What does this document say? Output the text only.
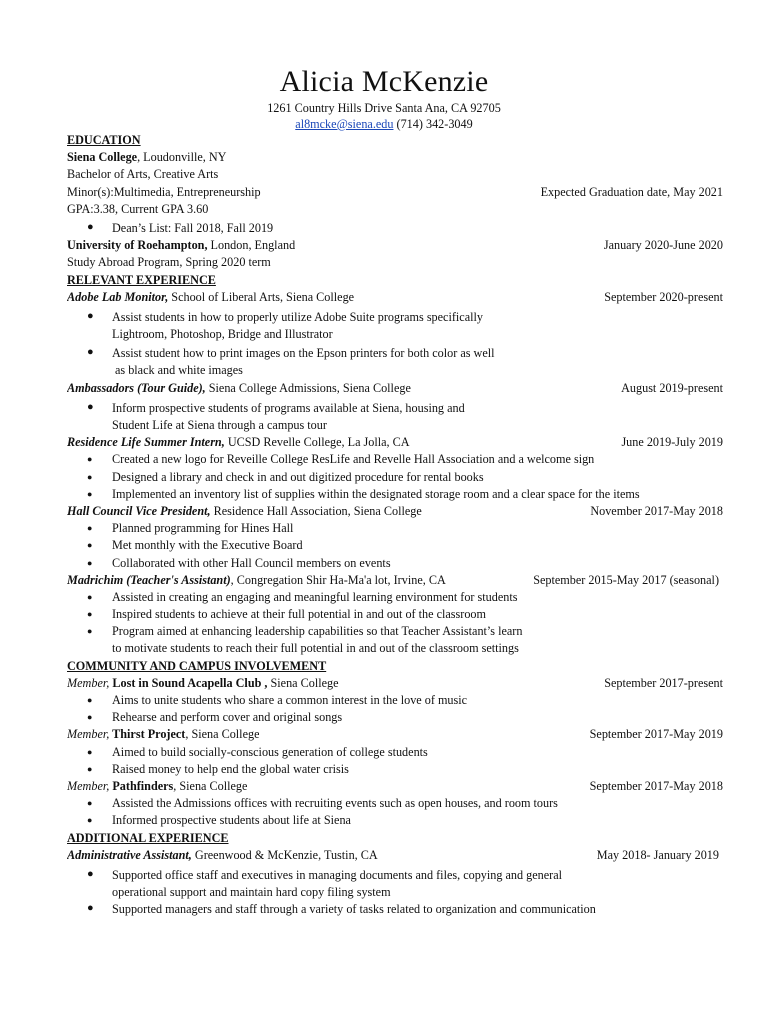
Alicia McKenzie
1261 Country Hills Drive Santa Ana, CA 92705
al8mcke@siena.edu (714) 342-3049
EDUCATION
Siena College, Loudonville, NY
Bachelor of Arts, Creative Arts
Minor(s):Multimedia, Entrepreneurship	Expected Graduation date, May 2021
GPA:3.38, Current GPA 3.60
● Dean’s List: Fall 2018, Fall 2019
University of Roehampton, London, England	January 2020-June 2020
Study Abroad Program, Spring 2020 term
RELEVANT EXPERIENCE
Adobe Lab Monitor, School of Liberal Arts, Siena College	September 2020-present
● Assist students in how to properly utilize Adobe Suite programs specifically
Lightroom, Photoshop, Bridge and Illustrator
● Assist student how to print images on the Epson printers for both color as well
as black and white images
Ambassadors (Tour Guide), Siena College Admissions, Siena College	August 2019-present
● Inform prospective students of programs available at Siena, housing and
Student Life at Siena through a campus tour
Residence Life Summer Intern, UCSD Revelle College, La Jolla, CA	June 2019-July 2019
● Created a new logo for Reveille College ResLife and Revelle Hall Association and a welcome sign
● Designed a library and check in and out digitized procedure for rental books
● Implemented an inventory list of supplies within the designated storage room and a clear space for the items
Hall Council Vice President, Residence Hall Association, Siena College	November 2017-May 2018
● Planned programming for Hines Hall
● Met monthly with the Executive Board
● Collaborated with other Hall Council members on events
Madrichim (Teacher's Assistant), Congregation Shir Ha-Ma'a lot, Irvine, CA	September 2015-May 2017 (seasonal)
● Assisted in creating an engaging and meaningful learning environment for students
● Inspired students to achieve at their full potential in and out of the classroom
● Program aimed at enhancing leadership capabilities so that Teacher Assistant’s learn
to motivate students to reach their full potential in and out of the classroom settings
COMMUNITY AND CAMPUS INVOLVEMENT
Member, Lost in Sound Acapella Club , Siena College	September 2017-present
● Aims to unite students who share a common interest in the love of music
● Rehearse and perform cover and original songs
Member, Thirst Project, Siena College	September 2017-May 2019
● Aimed to build socially-conscious generation of college students
● Raised money to help end the global water crisis
Member, Pathfinders, Siena College	September 2017-May 2018
● Assisted the Admissions offices with recruiting events such as open houses, and room tours
● Informed prospective students about life at Siena
ADDITIONAL EXPERIENCE
Administrative Assistant, Greenwood & McKenzie, Tustin, CA	May 2018- January 2019
● Supported office staff and executives in managing documents and files, copying and general
operational support and maintain hard copy filing system
● Supported managers and staff through a variety of tasks related to organization and communication
